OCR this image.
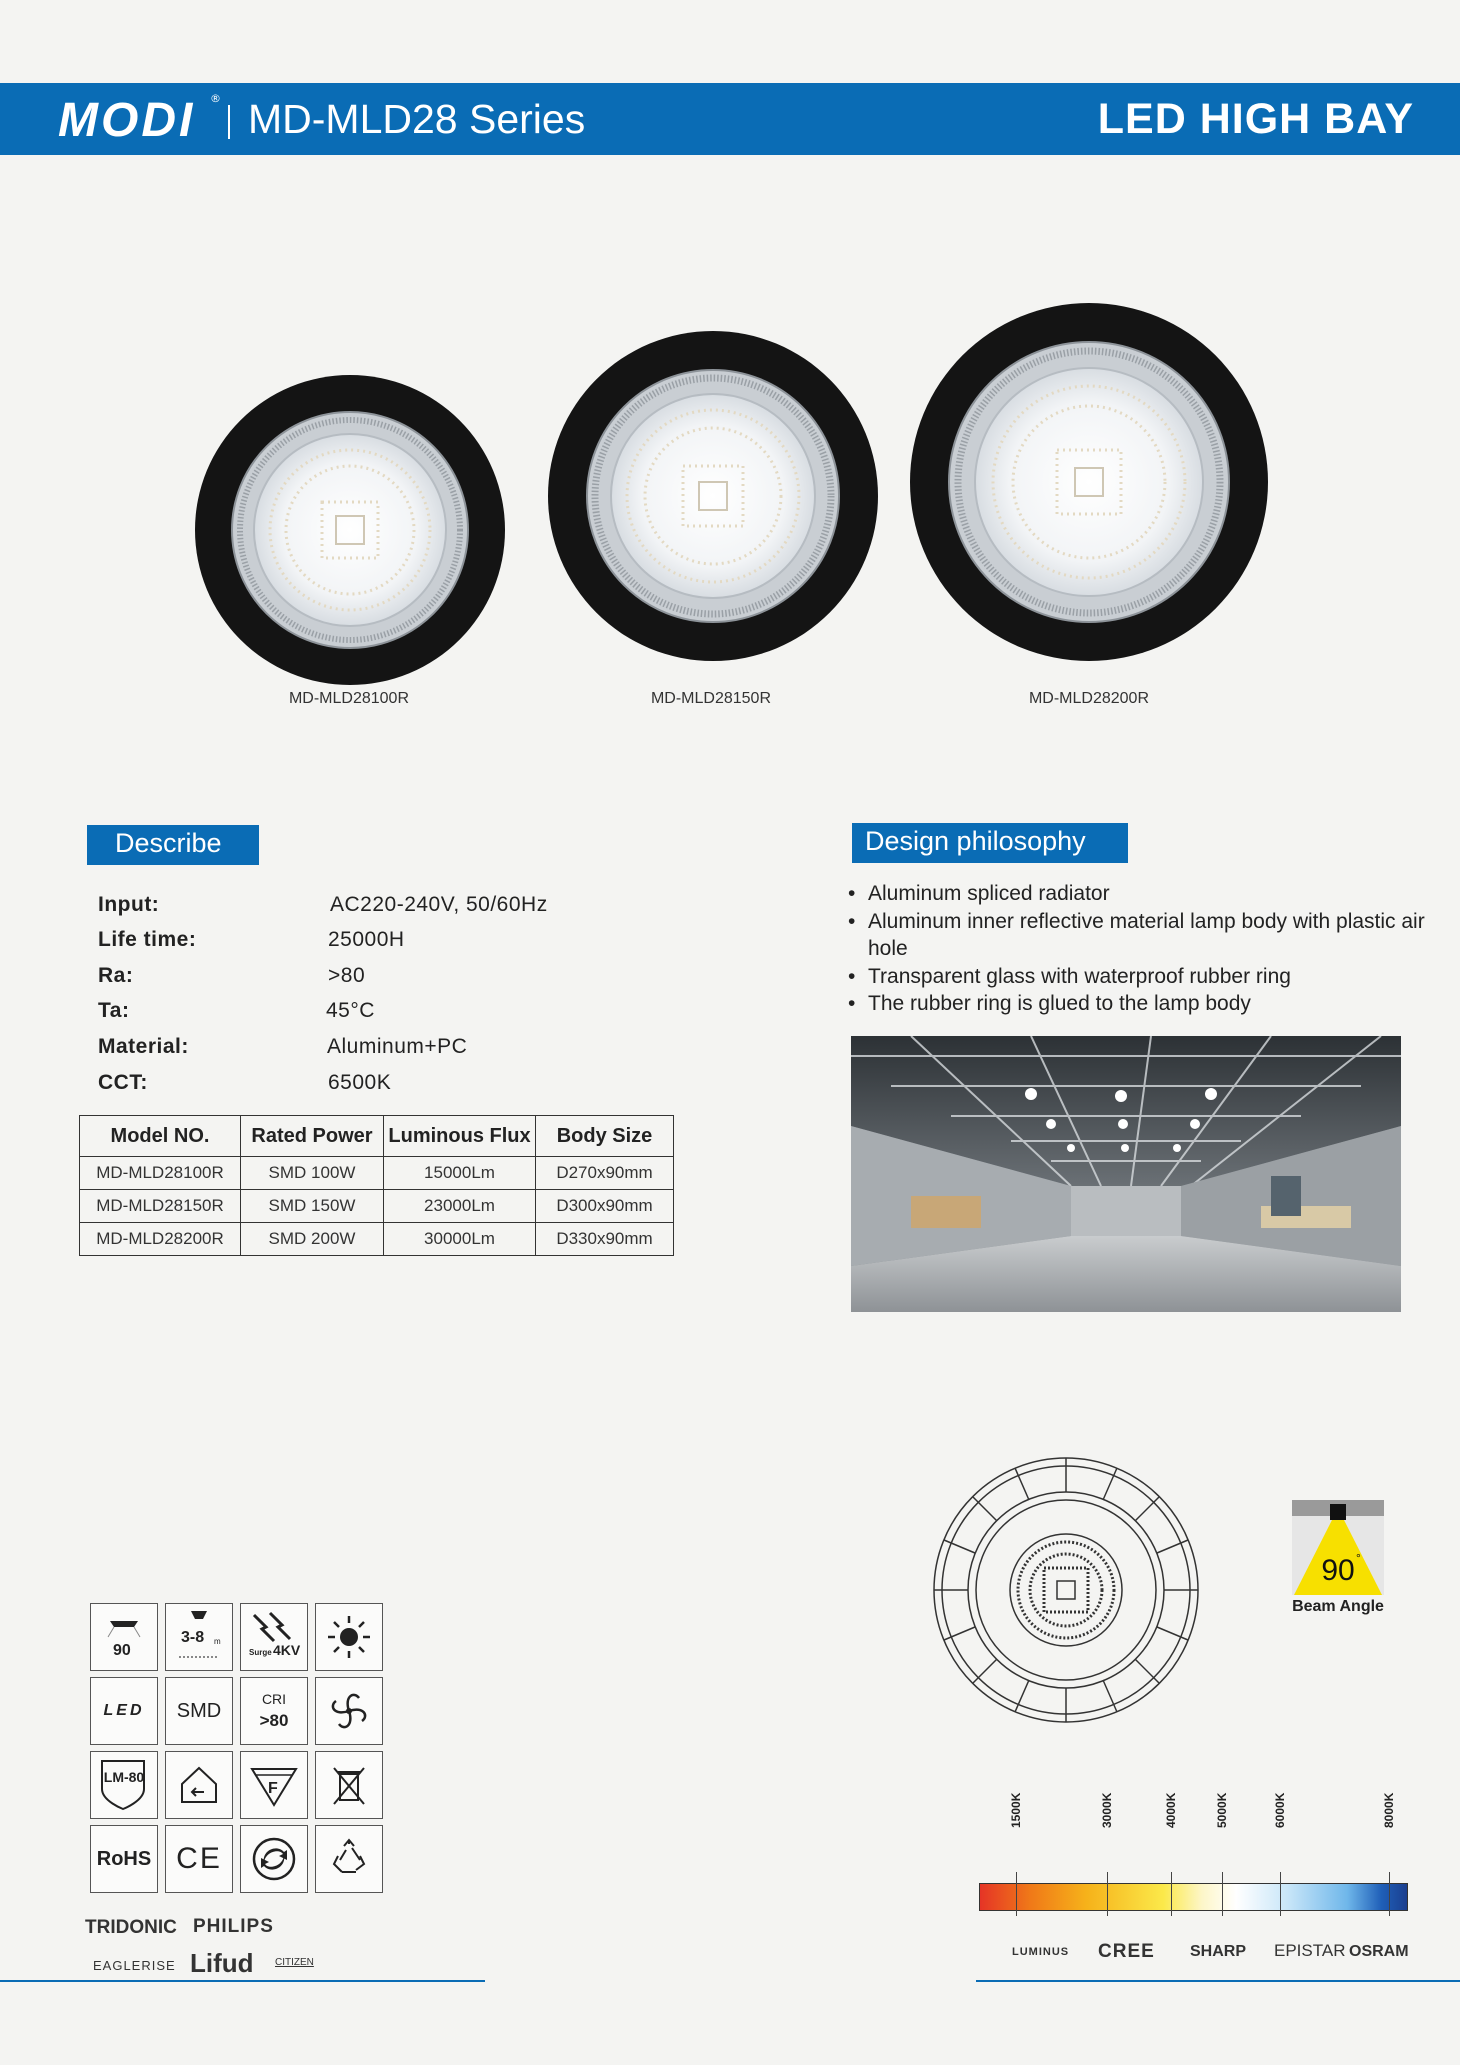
MODI ® MD-MLD28 Series	LED HIGH BAY
MD-MLD28100R	MD-MLD28150R	MD-MLD28200R
Describe
Input:	AC220-240V, 50/60Hz
Life time:	25000H
Ra:	>80
Ta:	45°C
Material:	Aluminum+PC
CCT:	6500K
Model NO.	Rated Power	Luminous Flux	Body Size
MD-MLD28100R	SMD 100W	15000Lm	D270x90mm
MD-MLD28150R	SMD 150W	23000Lm	D300x90mm
MD-MLD28200R	SMD 200W	30000Lm	D330x90mm
Design philosophy
• Aluminum spliced radiator
• Aluminum inner reflective material lamp body with plastic air hole
• Transparent glass with waterproof rubber ring
• The rubber ring is glued to the lamp body
90
3-8 m
Surge 4KV
LED SMD
CRI
>80
LM-80
F
RoHS CE
90 °
Beam Angle
1500K	3000K	4000K	5000K	6000K	8000K
TRIDONIC PHILIPS
EAGLERISE Lifud CITIZEN
LUMINUS CREE SHARP EPISTAR OSRAM
